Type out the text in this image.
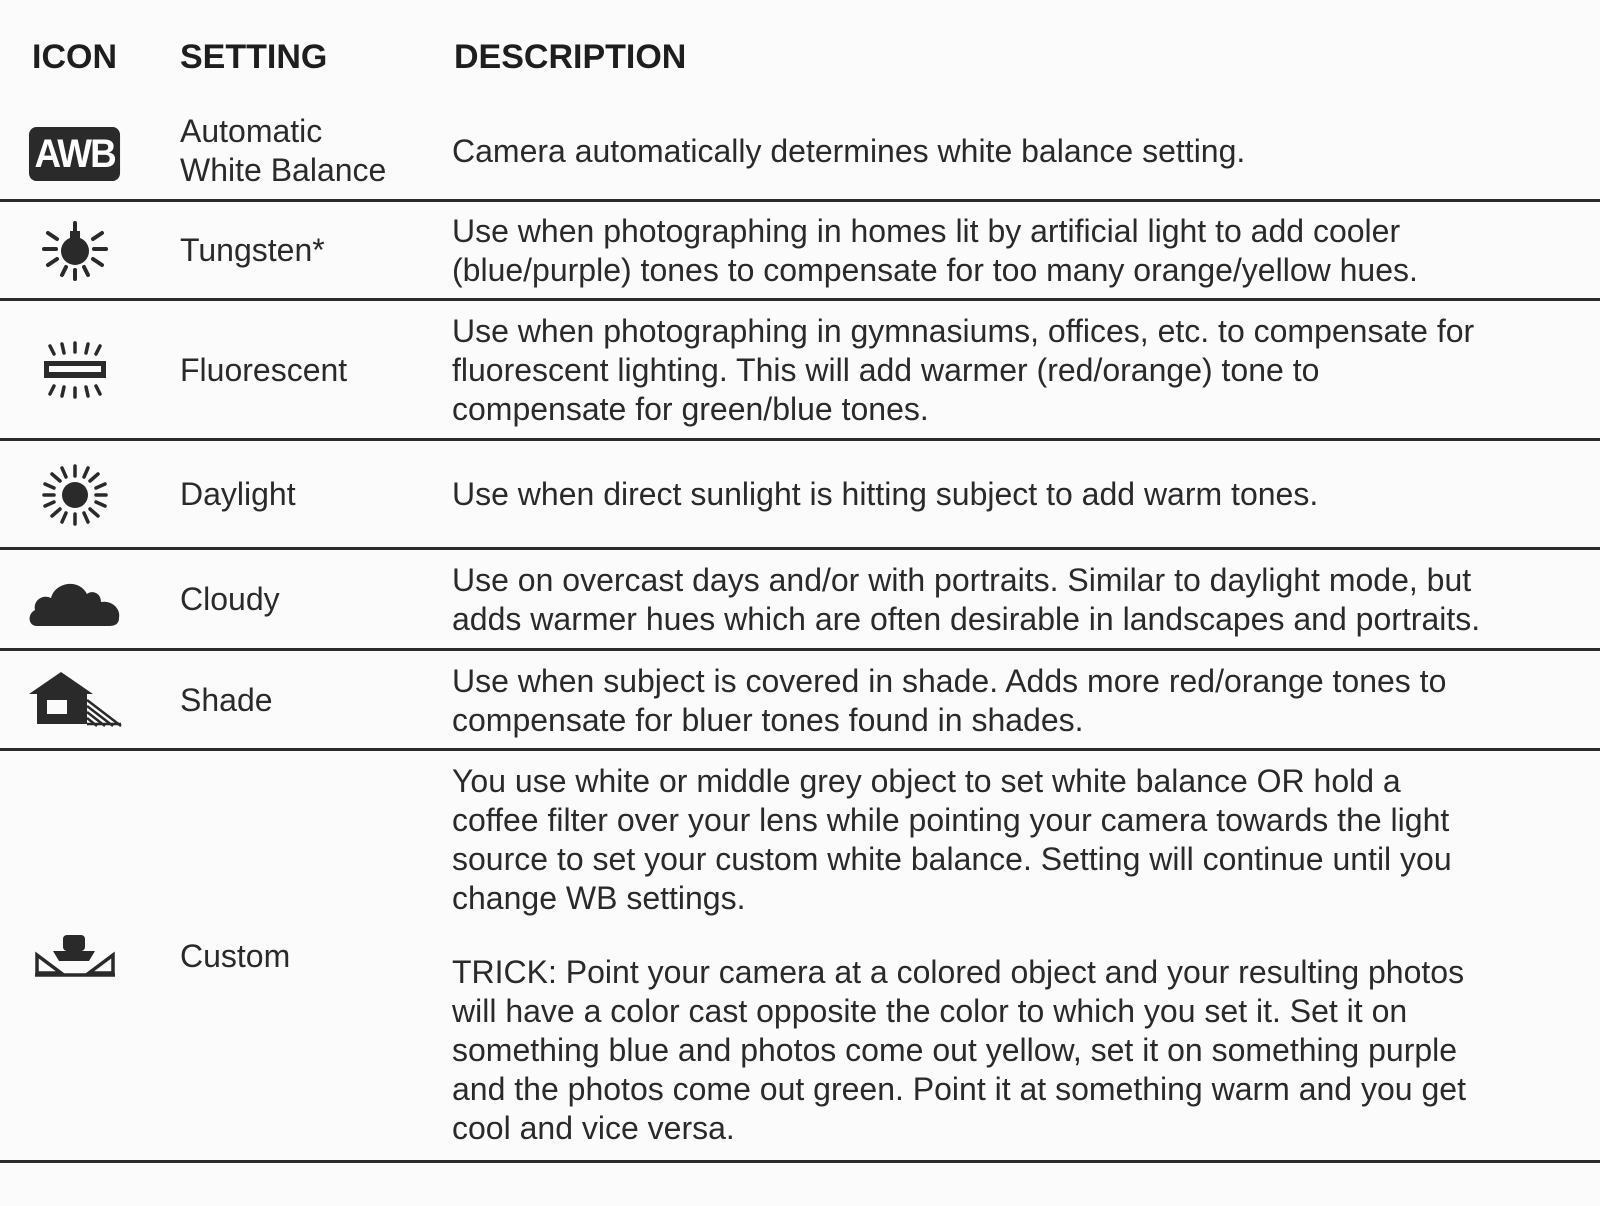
ICON SETTING	DESCRIPTION
AWB
Automatic
White Balance
Camera automatically determines white balance setting.
Tungsten*
Use when photographing in homes lit by artificial light to add cooler
(blue/purple) tones to compensate for too many orange/yellow hues.
Fluorescent
Use when photographing in gymnasiums, offices, etc. to compensate for
fluorescent lighting. This will add warmer (red/orange) tone to
compensate for green/blue tones.
Daylight	Use when direct sunlight is hitting subject to add warm tones.
Cloudy
Use on overcast days and/or with portraits. Similar to daylight mode, but
adds warmer hues which are often desirable in landscapes and portraits.
Shade
Use when subject is covered in shade. Adds more red/orange tones to
compensate for bluer tones found in shades.
Custom
You use white or middle grey object to set white balance OR hold a
coffee filter over your lens while pointing your camera towards the light
source to set your custom white balance. Setting will continue until you
change WB settings.
TRICK: Point your camera at a colored object and your resulting photos
will have a color cast opposite the color to which you set it. Set it on
something blue and photos come out yellow, set it on something purple
and the photos come out green. Point it at something warm and you get
cool and vice versa.
